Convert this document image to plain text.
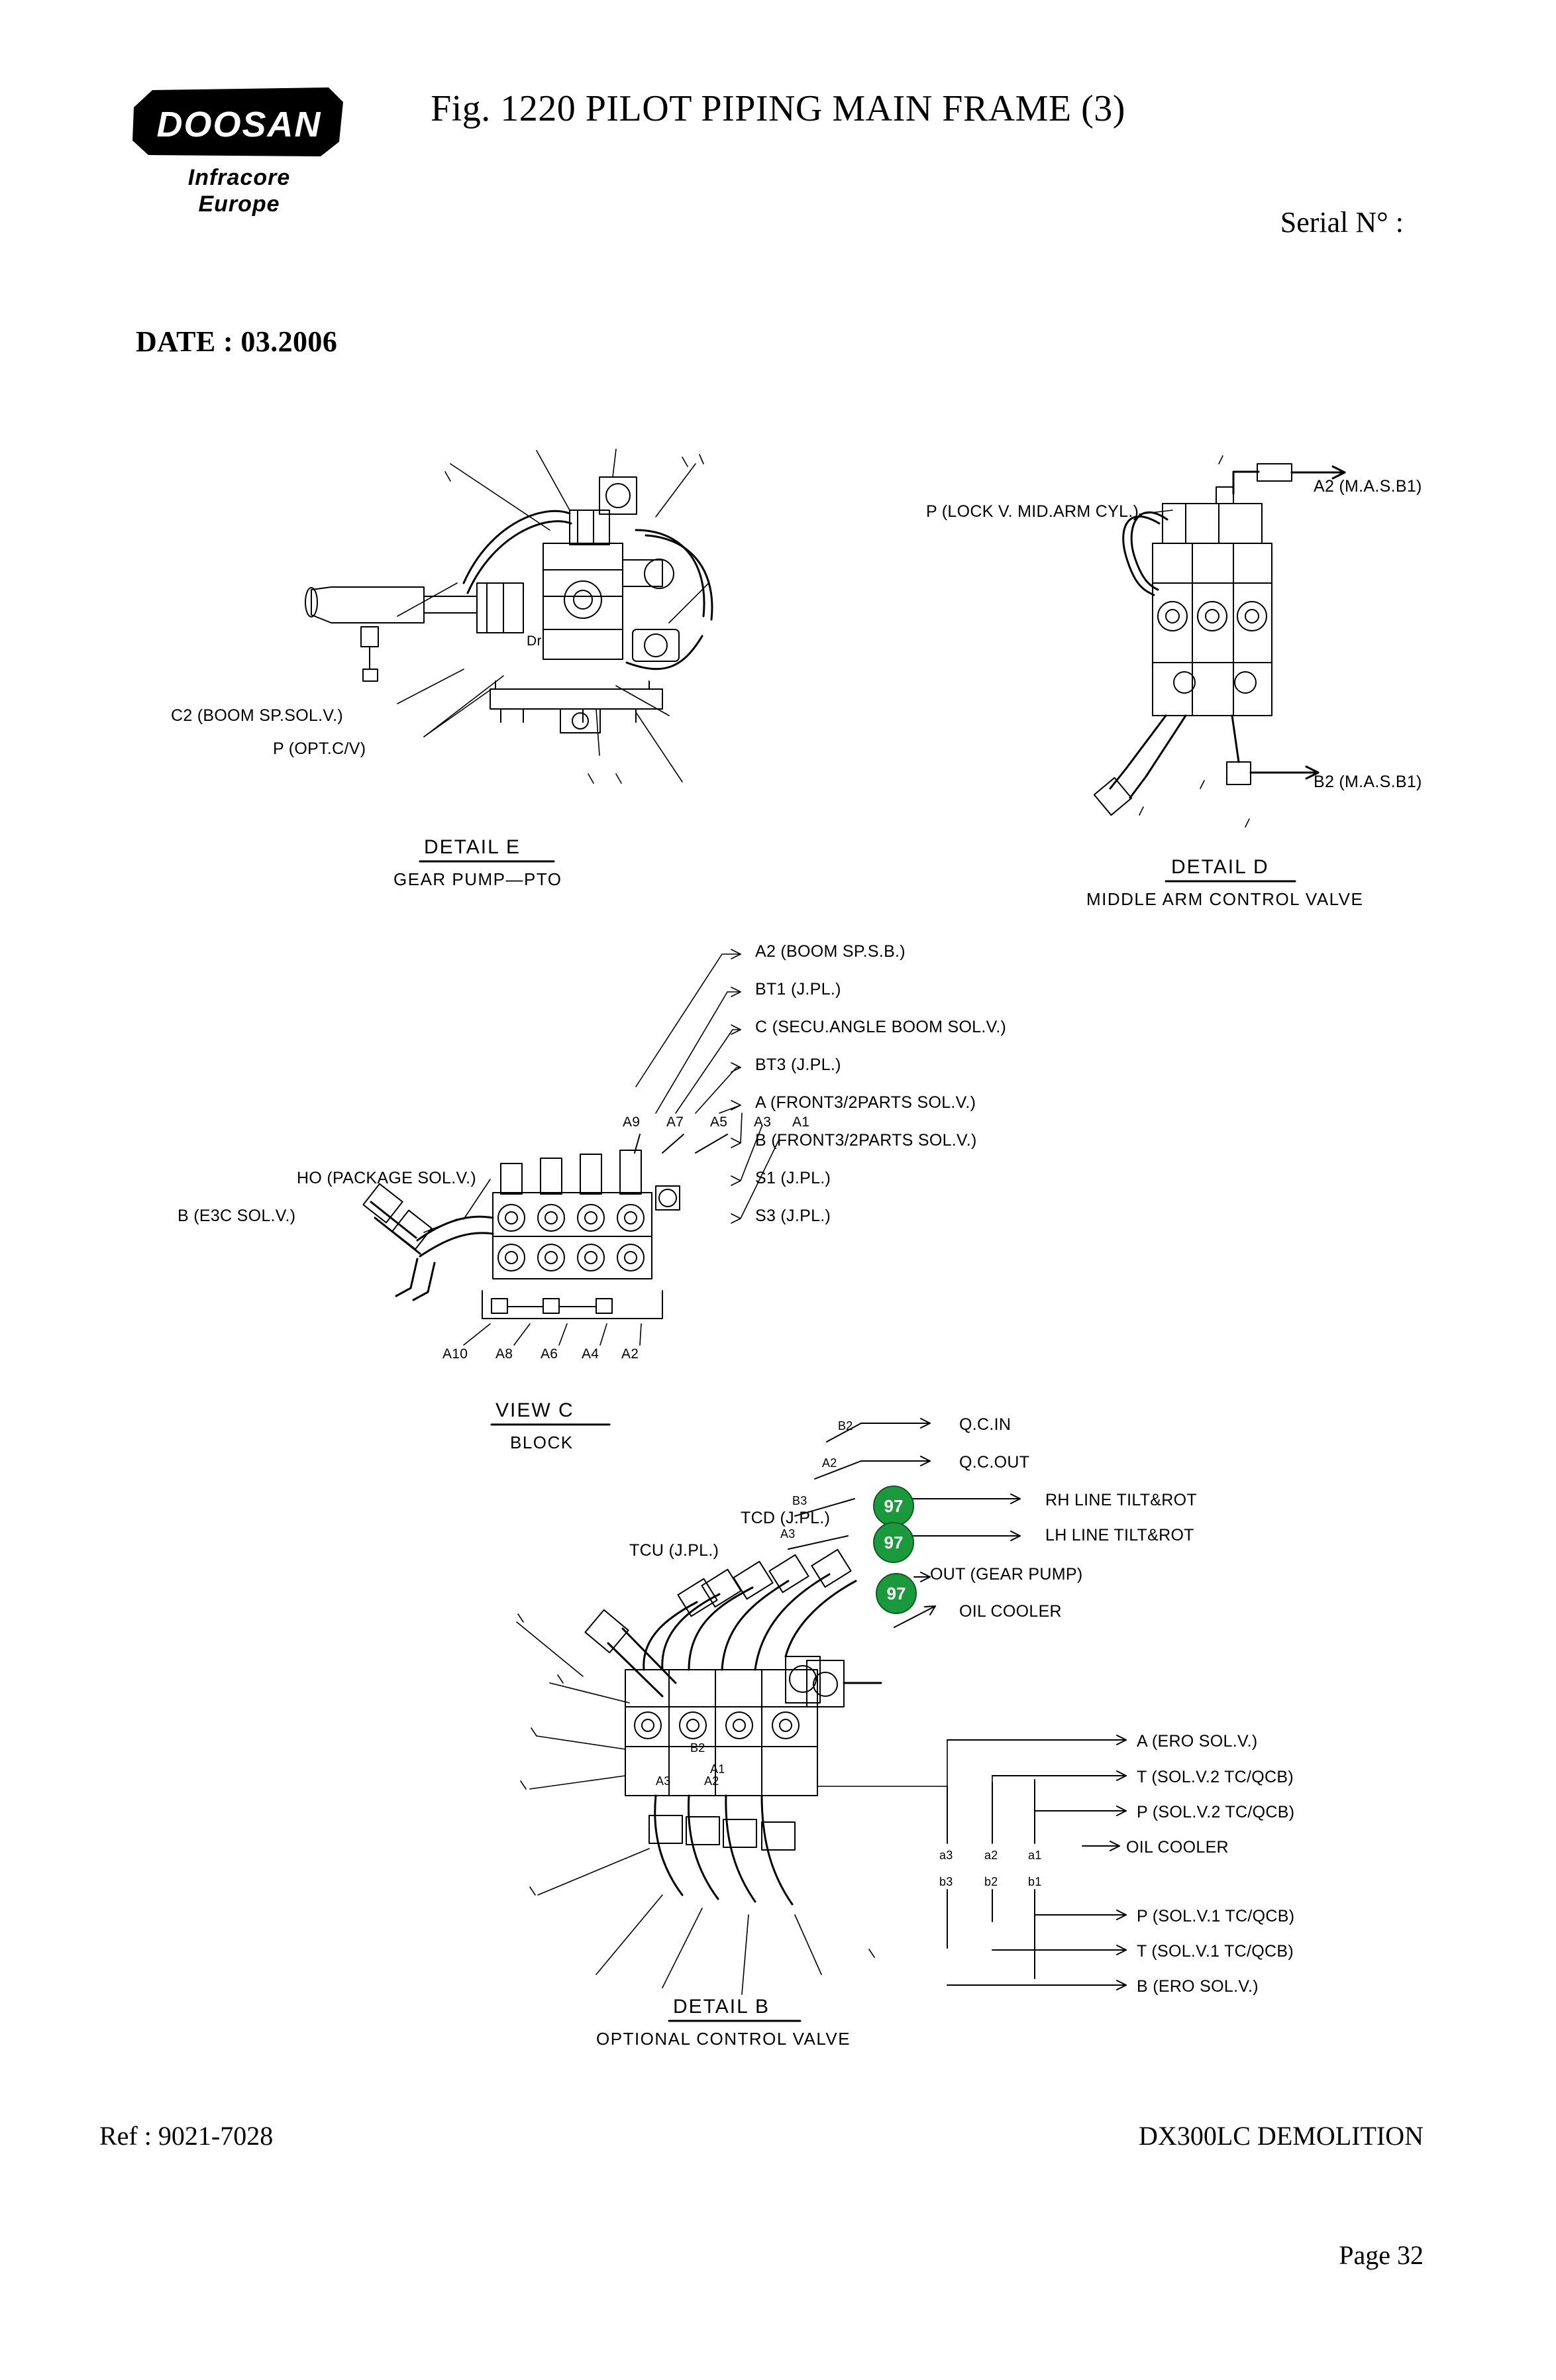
DOOSAN
Infracore
Europe
Fig. 1220 PILOT PIPING MAIN FRAME (3)
Serial N° :
DATE : 03.2006
C2 (BOOM SP.SOL.V.)
P (OPT.C/V)
Dr
DETAIL E
GEAR PUMP—PTO
P (LOCK V. MID.ARM CYL.)
A2 (M.A.S.B1)
B2 (M.A.S.B1)
DETAIL D
MIDDLE ARM CONTROL VALVE
A2 (BOOM SP.S.B.)
BT1 (J.PL.)
C (SECU.ANGLE BOOM SOL.V.)
BT3 (J.PL.)
A (FRONT3/2PARTS SOL.V.)
B (FRONT3/2PARTS SOL.V.)
S1 (J.PL.)
S3 (J.PL.)
HO (PACKAGE SOL.V.)
B (E3C SOL.V.)
A9 A7 A5 A3 A1
A10 A8 A6 A4 A2
VIEW C
BLOCK
TCD (J.PL.)
TCU (J.PL.)
B2
A2
B3
A3
Q.C.IN
Q.C.OUT
RH LINE TILT&ROT
LH LINE TILT&ROT
OUT (GEAR PUMP)
OIL COOLER
B2
A1
A3	A2
A (ERO SOL.V.)
T (SOL.V.2 TC/QCB)
P (SOL.V.2 TC/QCB)
OIL COOLER
P (SOL.V.1 TC/QCB)
T (SOL.V.1 TC/QCB)
B (ERO SOL.V.)
a3	a2	a1
b3	b2	b1
DETAIL B
OPTIONAL CONTROL VALVE
97
97
97
Ref : 9021-7028	DX300LC DEMOLITION
Page 32
